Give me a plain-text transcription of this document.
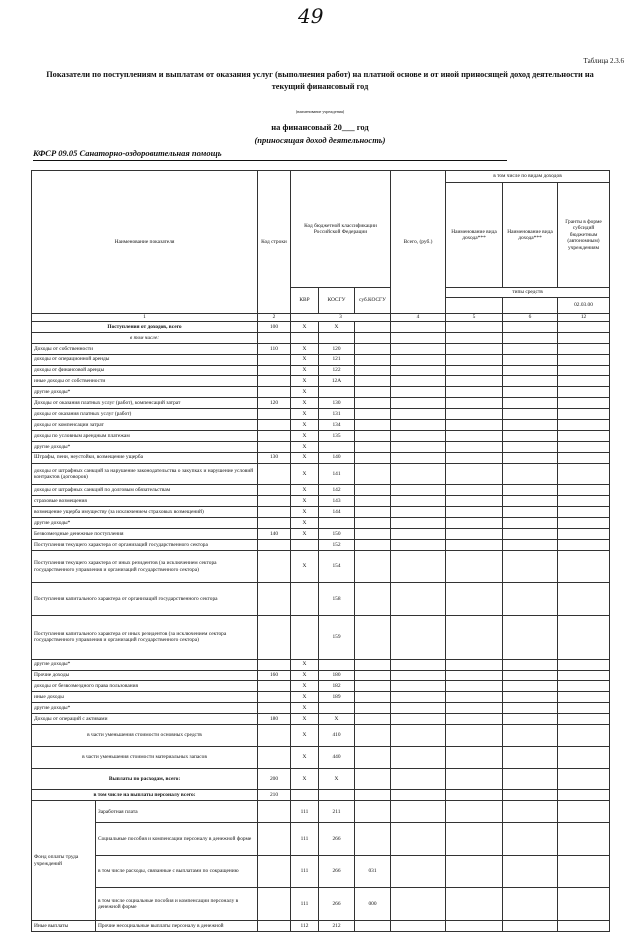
49
Таблица 2.3.6
Показатели по поступлениям и выплатам от оказания услуг (выполнения работ) на платной основе и от иной приносящей доход деятельности на текущий финансовый год
(наименование учреждения)
на финансовый 20___ год
(приносящая доход деятельность)
КФСР 09.05 Санаторно-оздоровительная помощь
Наименование показателя		Код строки	Код бюджетной классификации Российской Федерации			Всего, (руб.)	в том числе по видам доходов		
							Наименование вида дохода***	Наименование вида дохода***	Гранты в форме субсидий бюджетным (автономным) учреждениям
			КВР	КОСГУ	суб.КОСГУ		типы средств		
									02.03.00
1		2	3			4	5	6	12
Поступления от доходов, всего		100	X	X					
в том числе:									
Доходы от собственности		110	X	120					
доходы от операционной аренды			X	121					
доходы от финансовой аренды			X	122					
иные доходы от собственности			X	12А					
другие доходы*			X						
Доходы от оказания платных услуг (работ), компенсаций затрат		120	X	130					
доходы от оказания платных услуг (работ)			X	131					
доходы от компенсации затрат			X	134					
доходы по условным арендным платежам			X	135					
другие доходы*			X						
Штрафы, пени, неустойки, возмещение ущерба		130	X	140					
доходы от штрафных санкций за нарушение законодательства о закупках и нарушение условий контрактов (договоров)			X	141					
доходы от штрафных санкций по долговым обязательствам			X	142					
страховые возмещения			X	143					
возмещение ущерба имуществу (за исключением страховых возмещений)			X	144					
другие доходы*			X						
Безвозмездные денежные поступления		140	X	150					
Поступления текущего характера от организаций государственного сектора				152					
Поступления текущего характера от иных резидентов (за исключением сектора государственного управления и организаций государственного сектора)			X	154					
Поступления капитального характера от организаций государственного сектора				158					
Поступления капитального характера от иных резидентов (за исключением сектора государственного управления и организаций государственного сектора)				159					
другие доходы*			X						
Прочие доходы		160	X	180					
доходы от безвозмездного права пользования			X	182					
иные доходы			X	189					
другие доходы*			X						
Доходы от операций с активами		180	X	X					
в части уменьшения стоимости основных средств			X	410					
в части уменьшения стоимости материальных запасов			X	440					
Выплаты по расходам, всего:		200	X	X					
в том числе на выплаты персоналу всего:		210							
Фонд оплаты труда учреждений	Заработная плата		111	211					
	Социальные пособия и компенсации персоналу в денежной форме		111	266					
	в том числе расходы, связанные с выплатами по сокращению		111	266	031				
	в том числе социальные пособия и компенсации персоналу в денежной форме		111	266	000				
Иные выплаты	Прочие несоциальные выплаты персоналу в денежной		112	212					
